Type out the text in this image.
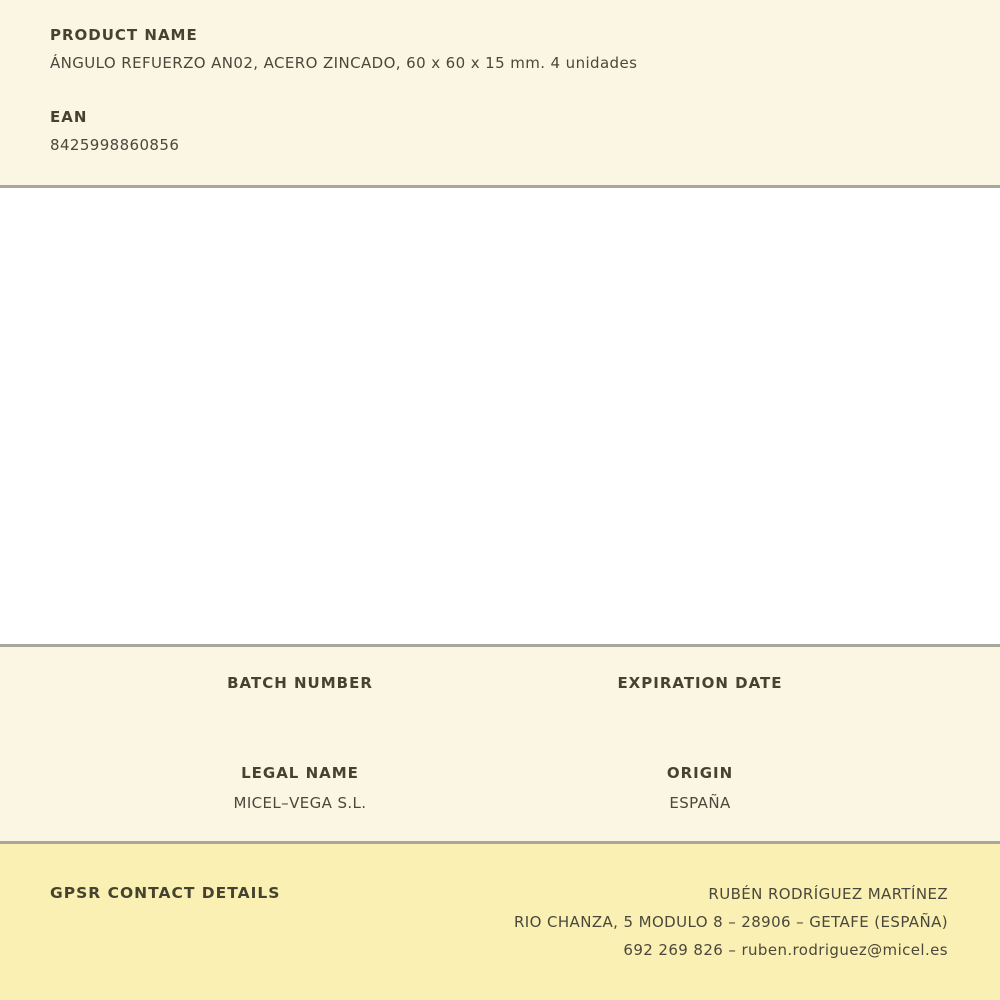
PRODUCT NAME
ÁNGULO REFUERZO AN02, ACERO ZINCADO, 60 x 60 x 15 mm. 4 unidades
EAN
8425998860856
BATCH NUMBER	EXPIRATION DATE
LEGAL NAME
MICEL–VEGA S.L.
ORIGIN
ESPAÑA
GPSR CONTACT DETAILS	RUBÉN RODRÍGUEZ MARTÍNEZ
RIO CHANZA, 5 MODULO 8 – 28906 – GETAFE (ESPAÑA)
692 269 826 – ruben.rodriguez@micel.es
